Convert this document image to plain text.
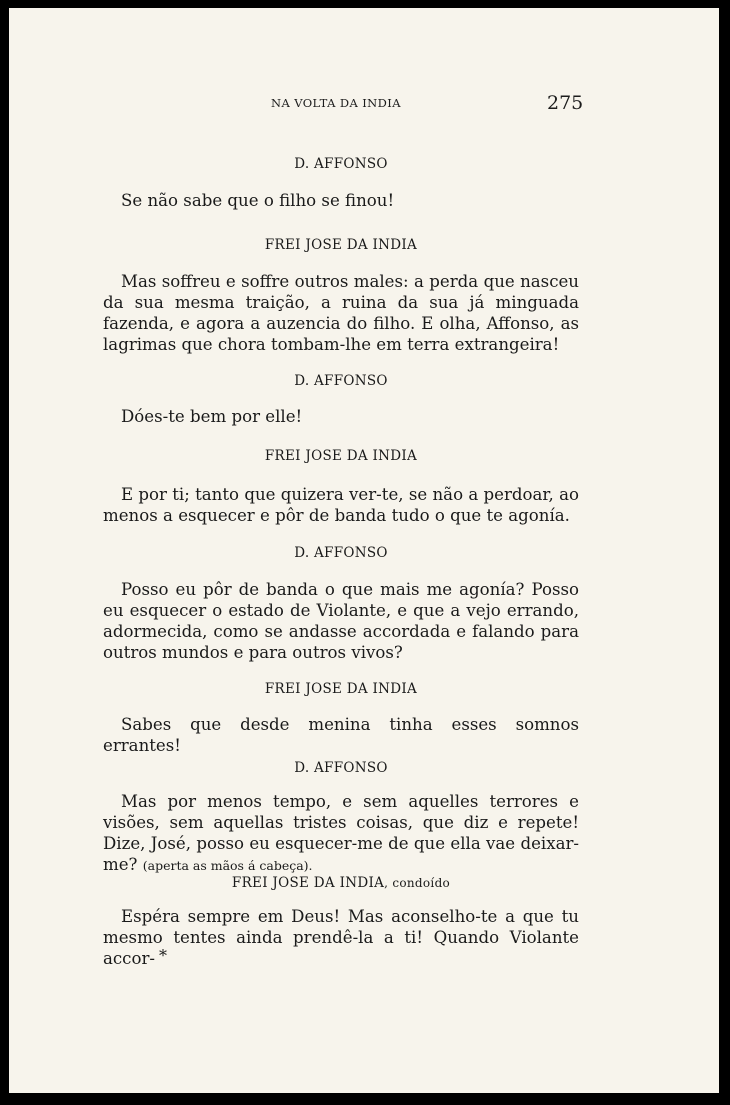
NA VOLTA DA INDIA	275
D. AFFONSO
Se não sabe que o filho se finou!
FREI JOSE DA INDIA
Mas soffreu e soffre outros males: a perda que nasceu da sua mesma traição, a ruina da sua já minguada fazenda, e agora a auzencia do filho. E olha, Affonso, as lagrimas que chora tombam-lhe em terra extrangeira!
D. AFFONSO
Dóes-te bem por elle!
FREI JOSE DA INDIA
E por ti; tanto que quizera ver-te, se não a perdoar, ao menos a esquecer e pôr de banda tudo o que te agonía.
D. AFFONSO
Posso eu pôr de banda o que mais me agonía? Posso eu esquecer o estado de Violante, e que a vejo errando, adormecida, como se andasse accordada e falando para outros mundos e para outros vivos?
FREI JOSE DA INDIA
Sabes que desde menina tinha esses somnos errantes!
D. AFFONSO
Mas por menos tempo, e sem aquelles terrores e visões, sem aquellas tristes coisas, que diz e repete! Dize, José, posso eu esquecer-me de que ella vae deixar-me? (aperta as mãos á cabeça).
FREI JOSE DA INDIA, condoído
Espéra sempre em Deus! Mas aconselho-te a que tu mesmo tentes ainda prendê-la a ti! Quando Violante accor- *
